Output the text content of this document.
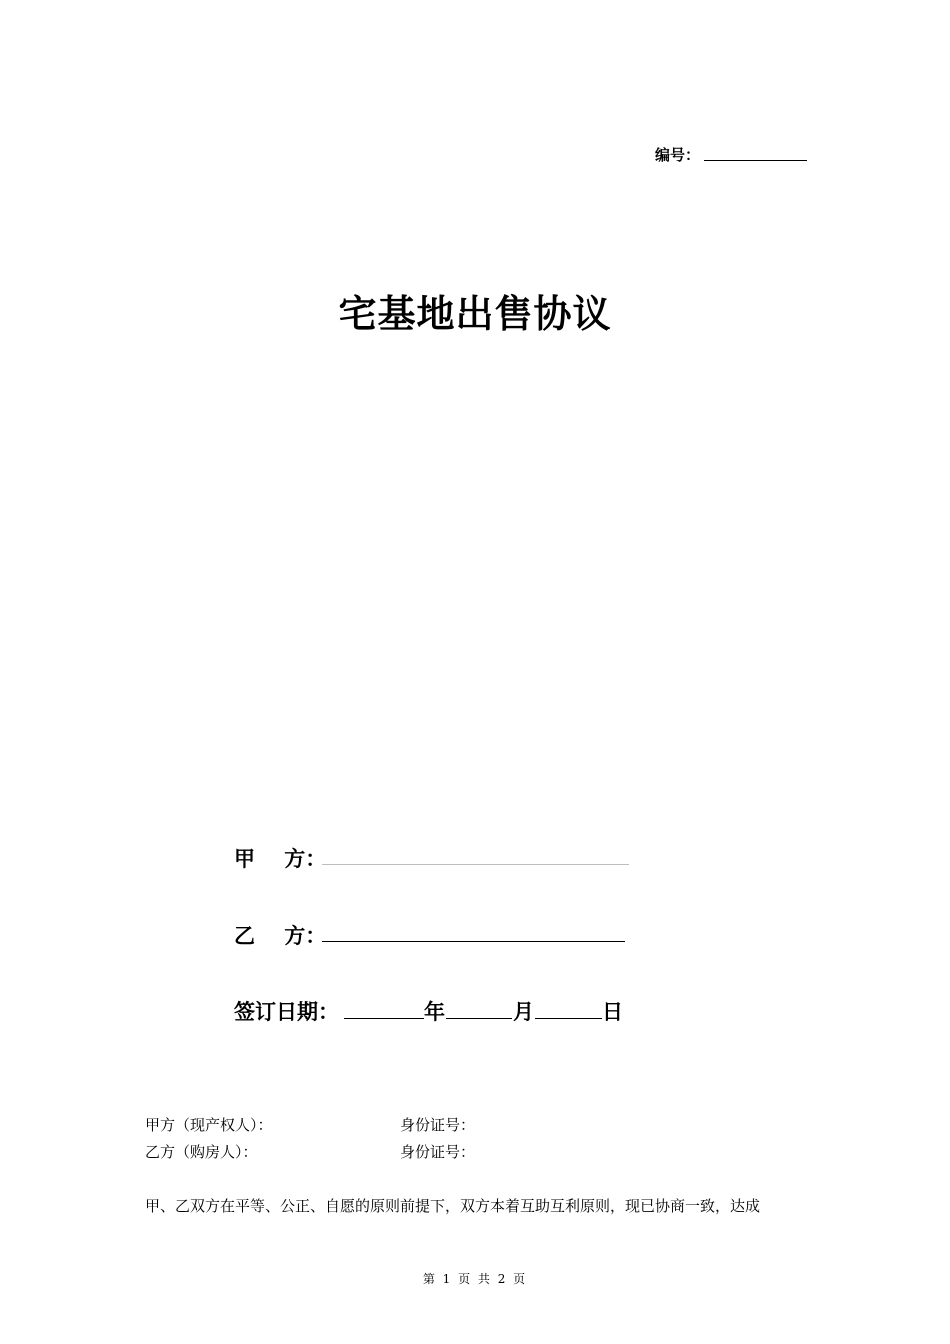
编号：
宅基地出售协议
甲    方：
乙    方：
签订日期：	年	月	日
甲方（现产权人）：	身份证号：
乙方（购房人）：	身份证号：
甲、乙双方在平等、公正、自愿的原则前提下，双方本着互助互利原则，现已协商一致，达成
第 1 页 共 2 页
